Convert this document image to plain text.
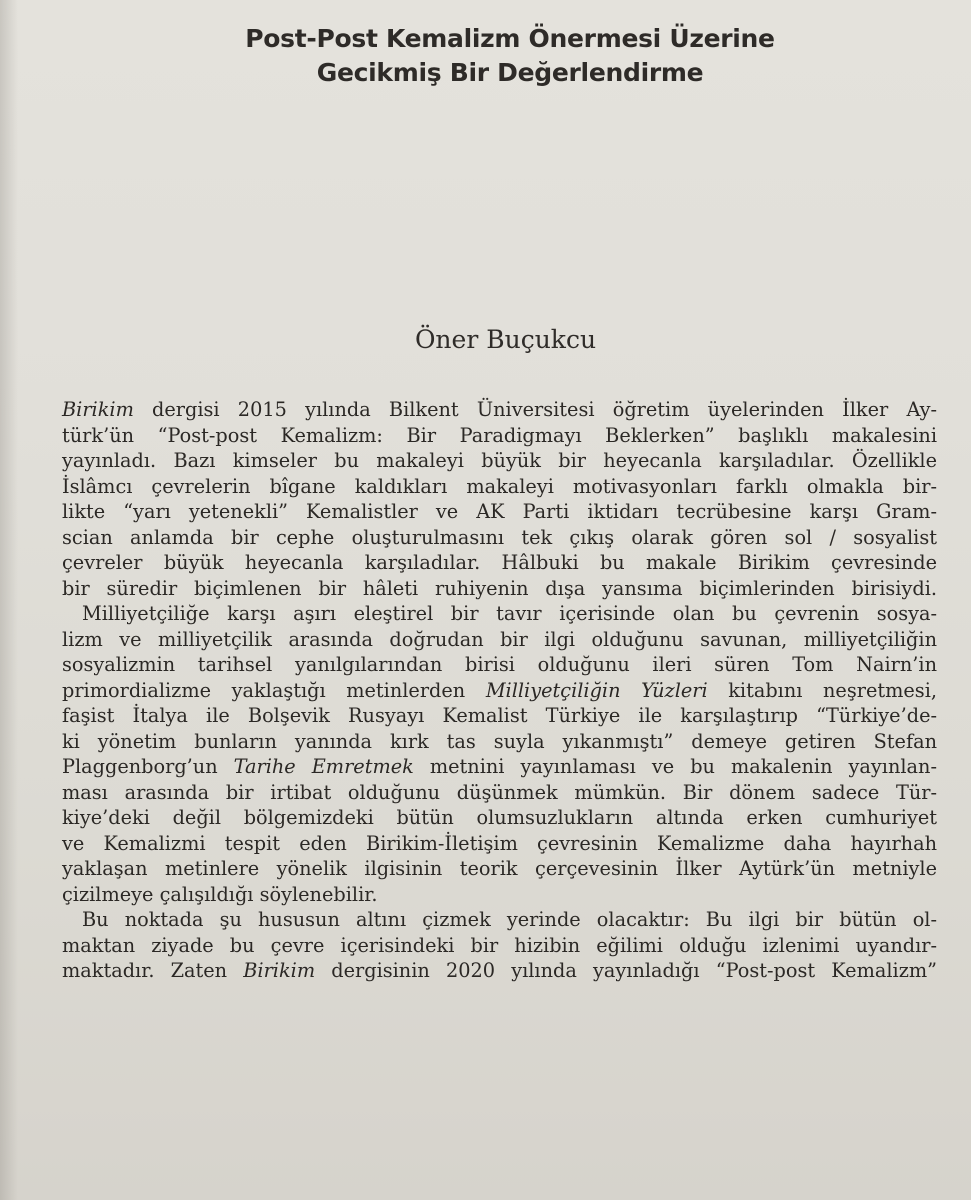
Post-Post Kemalizm Önermesi Üzerine
Gecikmiş Bir Değerlendirme
Öner Buçukcu
Birikim dergisi 2015 yılında Bilkent Üniversitesi öğretim üyelerinden İlker Ay-
türk’ün “Post-post Kemalizm: Bir Paradigmayı Beklerken” başlıklı makalesini
yayınladı. Bazı kimseler bu makaleyi büyük bir heyecanla karşıladılar. Özellikle
İslâmcı çevrelerin bîgane kaldıkları makaleyi motivasyonları farklı olmakla bir-
likte “yarı yetenekli” Kemalistler ve AK Parti iktidarı tecrübesine karşı Gram-
scian anlamda bir cephe oluşturulmasını tek çıkış olarak gören sol / sosyalist
çevreler büyük heyecanla karşıladılar. Hâlbuki bu makale Birikim çevresinde
bir süredir biçimlenen bir hâleti ruhiyenin dışa yansıma biçimlerinden birisiydi.
Milliyetçiliğe karşı aşırı eleştirel bir tavır içerisinde olan bu çevrenin sosya-
lizm ve milliyetçilik arasında doğrudan bir ilgi olduğunu savunan, milliyetçiliğin
sosyalizmin tarihsel yanılgılarından birisi olduğunu ileri süren Tom Nairn’in
primordializme yaklaştığı metinlerden Milliyetçiliğin Yüzleri kitabını neşretmesi,
faşist İtalya ile Bolşevik Rusyayı Kemalist Türkiye ile karşılaştırıp “Türkiye’de-
ki yönetim bunların yanında kırk tas suyla yıkanmıştı” demeye getiren Stefan
Plaggenborg’un Tarihe Emretmek metnini yayınlaması ve bu makalenin yayınlan-
ması arasında bir irtibat olduğunu düşünmek mümkün. Bir dönem sadece Tür-
kiye’deki değil bölgemizdeki bütün olumsuzlukların altında erken cumhuriyet
ve Kemalizmi tespit eden Birikim-İletişim çevresinin Kemalizme daha hayırhah
yaklaşan metinlere yönelik ilgisinin teorik çerçevesinin İlker Aytürk’ün metniyle
çizilmeye çalışıldığı söylenebilir.
Bu noktada şu hususun altını çizmek yerinde olacaktır: Bu ilgi bir bütün ol-
maktan ziyade bu çevre içerisindeki bir hizibin eğilimi olduğu izlenimi uyandır-
maktadır. Zaten Birikim dergisinin 2020 yılında yayınladığı “Post-post Kemalizm”
